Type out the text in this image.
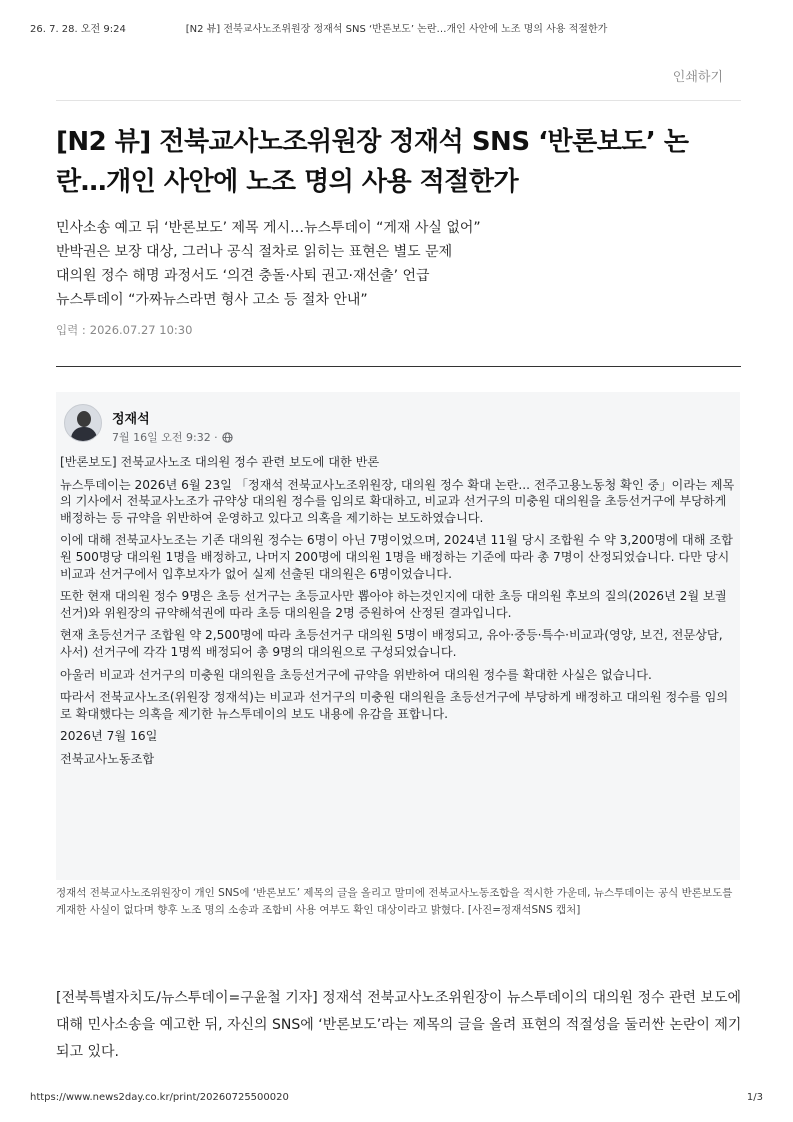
26. 7. 28. 오전 9:24	[N2 뷰] 전북교사노조위원장 정재석 SNS ‘반론보도’ 논란…개인 사안에 노조 명의 사용 적절한가
인쇄하기
[N2 뷰] 전북교사노조위원장 정재석 SNS ‘반론보도’ 논란…개인 사안에 노조 명의 사용 적절한가
민사소송 예고 뒤 ‘반론보도’ 제목 게시…뉴스투데이 “게재 사실 없어”
반박권은 보장 대상, 그러나 공식 절차로 읽히는 표현은 별도 문제
대의원 정수 해명 과정서도 ‘의견 충돌·사퇴 권고·재선출’ 언급
뉴스투데이 “가짜뉴스라면 형사 고소 등 절차 안내”
입력 : 2026.07.27 10:30
정재석
7월 16일 오전 9:32 ·
[반론보도] 전북교사노조 대의원 정수 관련 보도에 대한 반론
뉴스투데이는 2026년 6월 23일 「정재석 전북교사노조위원장, 대의원 정수 확대 논란... 전주고용노동청 확인 중」이라는 제목의 기사에서 전북교사노조가 규약상 대의원 정수를 임의로 확대하고, 비교과 선거구의 미충원 대의원을 초등선거구에 부당하게 배정하는 등 규약을 위반하여 운영하고 있다고 의혹을 제기하는 보도하였습니다.
이에 대해 전북교사노조는 기존 대의원 정수는 6명이 아닌 7명이었으며, 2024년 11월 당시 조합원 수 약 3,200명에 대해 조합원 500명당 대의원 1명을 배정하고, 나머지 200명에 대의원 1명을 배정하는 기준에 따라 총 7명이 산정되었습니다. 다만 당시 비교과 선거구에서 입후보자가 없어 실제 선출된 대의원은 6명이었습니다.
또한 현재 대의원 정수 9명은 초등 선거구는 초등교사만 뽑아야 하는것인지에 대한 초등 대의원 후보의 질의(2026년 2월 보궐선거)와 위원장의 규약해석권에 따라 초등 대의원을 2명 증원하여 산정된 결과입니다.
현재 초등선거구 조합원 약 2,500명에 따라 초등선거구 대의원 5명이 배정되고, 유아·중등·특수·비교과(영양, 보건, 전문상담, 사서) 선거구에 각각 1명씩 배정되어 총 9명의 대의원으로 구성되었습니다.
아울러 비교과 선거구의 미충원 대의원을 초등선거구에 규약을 위반하여 대의원 정수를 확대한 사실은 없습니다.
따라서 전북교사노조(위원장 정재석)는 비교과 선거구의 미충원 대의원을 초등선거구에 부당하게 배정하고 대의원 정수를 임의로 확대했다는 의혹을 제기한 뉴스투데이의 보도 내용에 유감을 표합니다.
2026년 7월 16일
전북교사노동조합

정재석 전북교사노조위원장이 개인 SNS에 ‘반론보도’ 제목의 글을 올리고 말미에 전북교사노동조합을 적시한 가운데, 뉴스투데이는 공식 반론보도를 게재한 사실이 없다며 향후 노조 명의 소송과 조합비 사용 여부도 확인 대상이라고 밝혔다. [사진=정재석SNS 캡처]

[전북특별자치도/뉴스투데이=구윤철 기자] 정재석 전북교사노조위원장이 뉴스투데이의 대의원 정수 관련 보도에 대해 민사소송을 예고한 뒤, 자신의 SNS에 ‘반론보도’라는 제목의 글을 올려 표현의 적절성을 둘러싼 논란이 제기되고 있다.

https://www.news2day.co.kr/print/20260725500020	1/3
